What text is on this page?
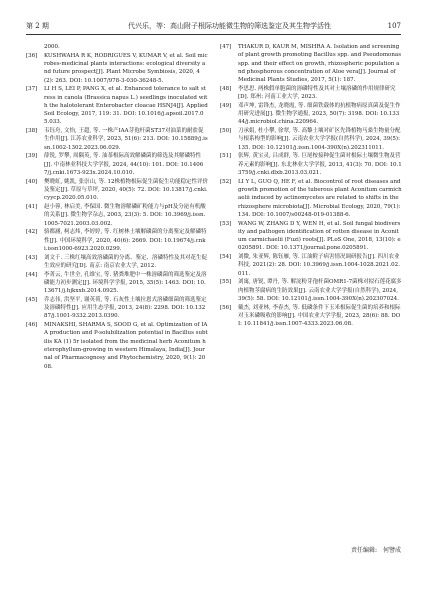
第 2 期	代兴乐，等：高山附子根际功能微生物的筛选鉴定及其生物学活性	107
2000.
[36] KUSHWAHA R K, RODRIGUES V, KUMAR V, et al. Soil microbes-medicinal plants interactions: ecological diversity and future prospect[J]. Plant Microbe Symbiosis, 2020, 4(2): 263. DOI: 10.1007/978-3-030-36248-5.
[37] LI H S, LEI P, PANG X, et al. Enhanced tolerance to salt stress in canola (Brassica napus L.) seedlings inoculated with the halotolerant Enterobacter cloacae HSNJ4[J]. Applied Soil Ecology, 2017, 119: 31. DOI: 10.1016/j.apsoil.2017.05.033.
[38] 韦钰舟, 文怡, 王超, 等. 一株产IAA芽孢杆菌ST37对油菜的耐盐促生作用[J]. 江苏农业科学, 2023, 51(6): 213. DOI: 10.15889/j.issn.1002-1302.2023.06.029.
[39] 薛锐, 罗攀, 周隅英, 等. 油茶根际高效解磷菌的筛选及其解磷特性[J]. 中南林业科技大学学报, 2024, 44(10): 101. DOI: 10.14067/j.cnki.1673-923x.2024.10.010.
[40] 樊晓虹, 姚凯, 张崇山, 等. 12株植物根际促生菌促生功能稳定性评价及鉴定[J]. 草原与草坪, 2020, 40(5): 72. DOI: 10.13817/j.cnki.cyycp.2020.05.010.
[41] 赵小蓉, 林启美, 李保国. 微生物溶解磷矿粉能力与pH及分泌有机酸的关系[J]. 微生物学杂志, 2003, 23(3): 5. DOI: 10.3969/j.issn.1005-7021.2003.03.002.
[42] 骆都涵, 柯志炜, 李婷婷, 等. 红树林土壤解磷菌的分离鉴定及解磷特性[J]. 中国环境科学, 2020, 40(6): 2669. DOI: 10.19674/j.cnki.issn1000-6923.2020.0299.
[43] 刘文千. 三株红壤高效溶磷菌的分离、鉴定、溶磷特性及其对花生促生效应的研究[D]. 南京: 南京农业大学, 2012.
[44] 李菁云, 牛世全, 孔维宝, 等. 猪粪堆肥中一株溶磷菌的筛选鉴定及溶磷能力初步测定[J]. 环境科学学报, 2015, 35(5): 1463. DOI: 10.13671/j.hjkxxb.2014.0925.
[45] 乔志伟, 洪坚平, 谢英荷, 等. 石灰性土壤拉恩式溶磷细菌的筛选鉴定及溶磷特性[J]. 应用生态学报, 2013, 24(8): 2298. DOI: 10.13287/j.1001-9332.2013.0390.
[46] MINAKSHI, SHARMA S, SOOD G, et al. Optimization of IAA production and P-solubilization potential in Bacillus subtilis KA (1) 5r isolated from the medicinal herb Aconitum heterophyllum-growing in western Himalaya, India[J]. Journal of Pharmacognosy and Phytochemistry, 2020, 9(1): 2008.
[47] THAKUR D, KAUR M, MISHRA A. Isolation and screening of plant growth promoting Bacillus spp. and Pseudomonas spp. and their effect on growth, rhizospheric population and phosphorous concentration of Aloe vera[J]. Journal of Medicinal Plants Studies, 2017, 5(1): 187.
[48] 李思思. 两株假单胞菌的溶磷特性及其对土壤溶磷的作用规律研究[D]. 郑州: 河南工业大学, 2023.
[49] 邓声坤, 雷锋杰, 龙晓霞, 等. 细菌铁载体的抗植物病原真菌及促生作用研究进展[J]. 微生物学通报, 2023, 50(7): 3198. DOI: 10.13344/j.microbiol.china.220964.
[50] 刀承娟, 杜小攀, 徐翠, 等. 高黎土壤对矿区先锋植物马桑生物量分配与根系构型的影响[J]. 云南农业大学学报(自然科学), 2024, 39(5): 135. DOI: 10.12101/j.issn.1004-390X(n).202311011.
[51] 张辉, 黄宝灵, 吕成群, 等. 巨尾桉接种促生菌对根际土壤微生物及营养元素的影响[J]. 东北林业大学学报, 2013, 41(3): 70. DOI: 10.13759/j.cnki.dlxb.2013.03.021.
[52] LI Y L, GUO Q, HE F, et al. Biocontrol of root diseases and growth promotion of the tuberous plant Aconitum carmichaelii induced by actinomycetes are related to shifts in the rhizosphere microbiota[J]. Microbial Ecology, 2020, 79(1): 134. DOI: 10.1007/s00248-019-01388-6.
[53] WANG W, ZHANG D Y, WEN H, et al. Soil fungal biodiversity and pathogen identification of rotten disease in Aconitum carmichaelii (Fuzi) roots[J]. PLoS One, 2018, 13(10): e0205891. DOI: 10.1371/journal.pone.0205891.
[54] 刘微, 朱亚辉, 陈钰雁, 等. 江油附子病害情况调研报告[J]. 四川农业科技, 2021(2): 28. DOI: 10.3969/j.issn.1004-1028.2021.02.011.
[55] 刘寓, 唐锐, 谭丹, 等. 解淀粉芽孢杆菌OMR1-7菌株对拟石莲花腐多肉植物茎腐病的生防效果[J]. 云南农业大学学报(自然科学), 2024, 39(5): 58. DOI: 10.12101/j.issn.1004-390X(n).202307024.
[56] 戴杰, 刘亚林, 李春杰, 等. 低磷条件下玉米根际促生菌的培养和根际对玉米磷吸收的影响[J]. 中国农业大学学报, 2023, 28(6): 88. DOI: 10.11841/j.issn.1007-4333.2023.06.08.
责任编辑: 何譬成
